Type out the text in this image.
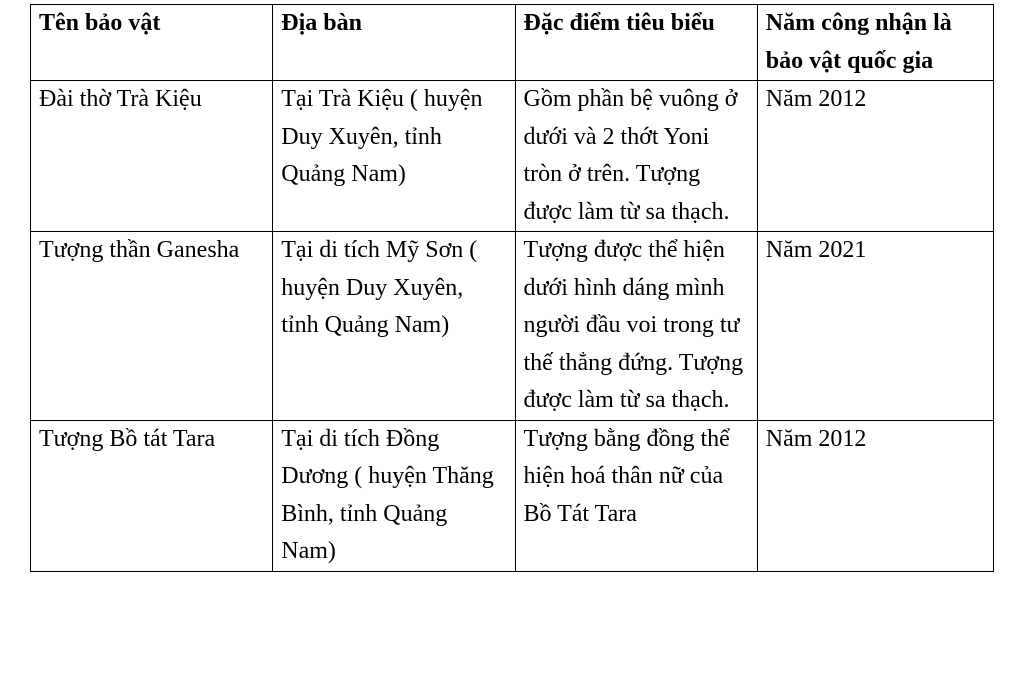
Tên bảo vật	Địa bàn	Đặc điểm tiêu biểu	Năm công nhận là bảo vật quốc gia
Đài thờ Trà Kiệu	Tại Trà Kiệu ( huyện Duy Xuyên, tỉnh Quảng Nam)	Gồm phần bệ vuông ở dưới và 2 thớt Yoni tròn ở trên. Tượng được làm từ sa thạch.	Năm 2012
Tượng thần Ganesha	Tại di tích Mỹ Sơn ( huyện Duy Xuyên, tỉnh Quảng Nam)	Tượng được thể hiện dưới hình dáng mình người đầu voi trong tư thế thẳng đứng. Tượng được làm từ sa thạch.	Năm 2021
Tượng Bồ tát Tara	Tại di tích Đồng Dương ( huyện Thăng Bình, tỉnh Quảng Nam)	Tượng bằng đồng thể hiện hoá thân nữ của Bồ Tát Tara	Năm 2012
